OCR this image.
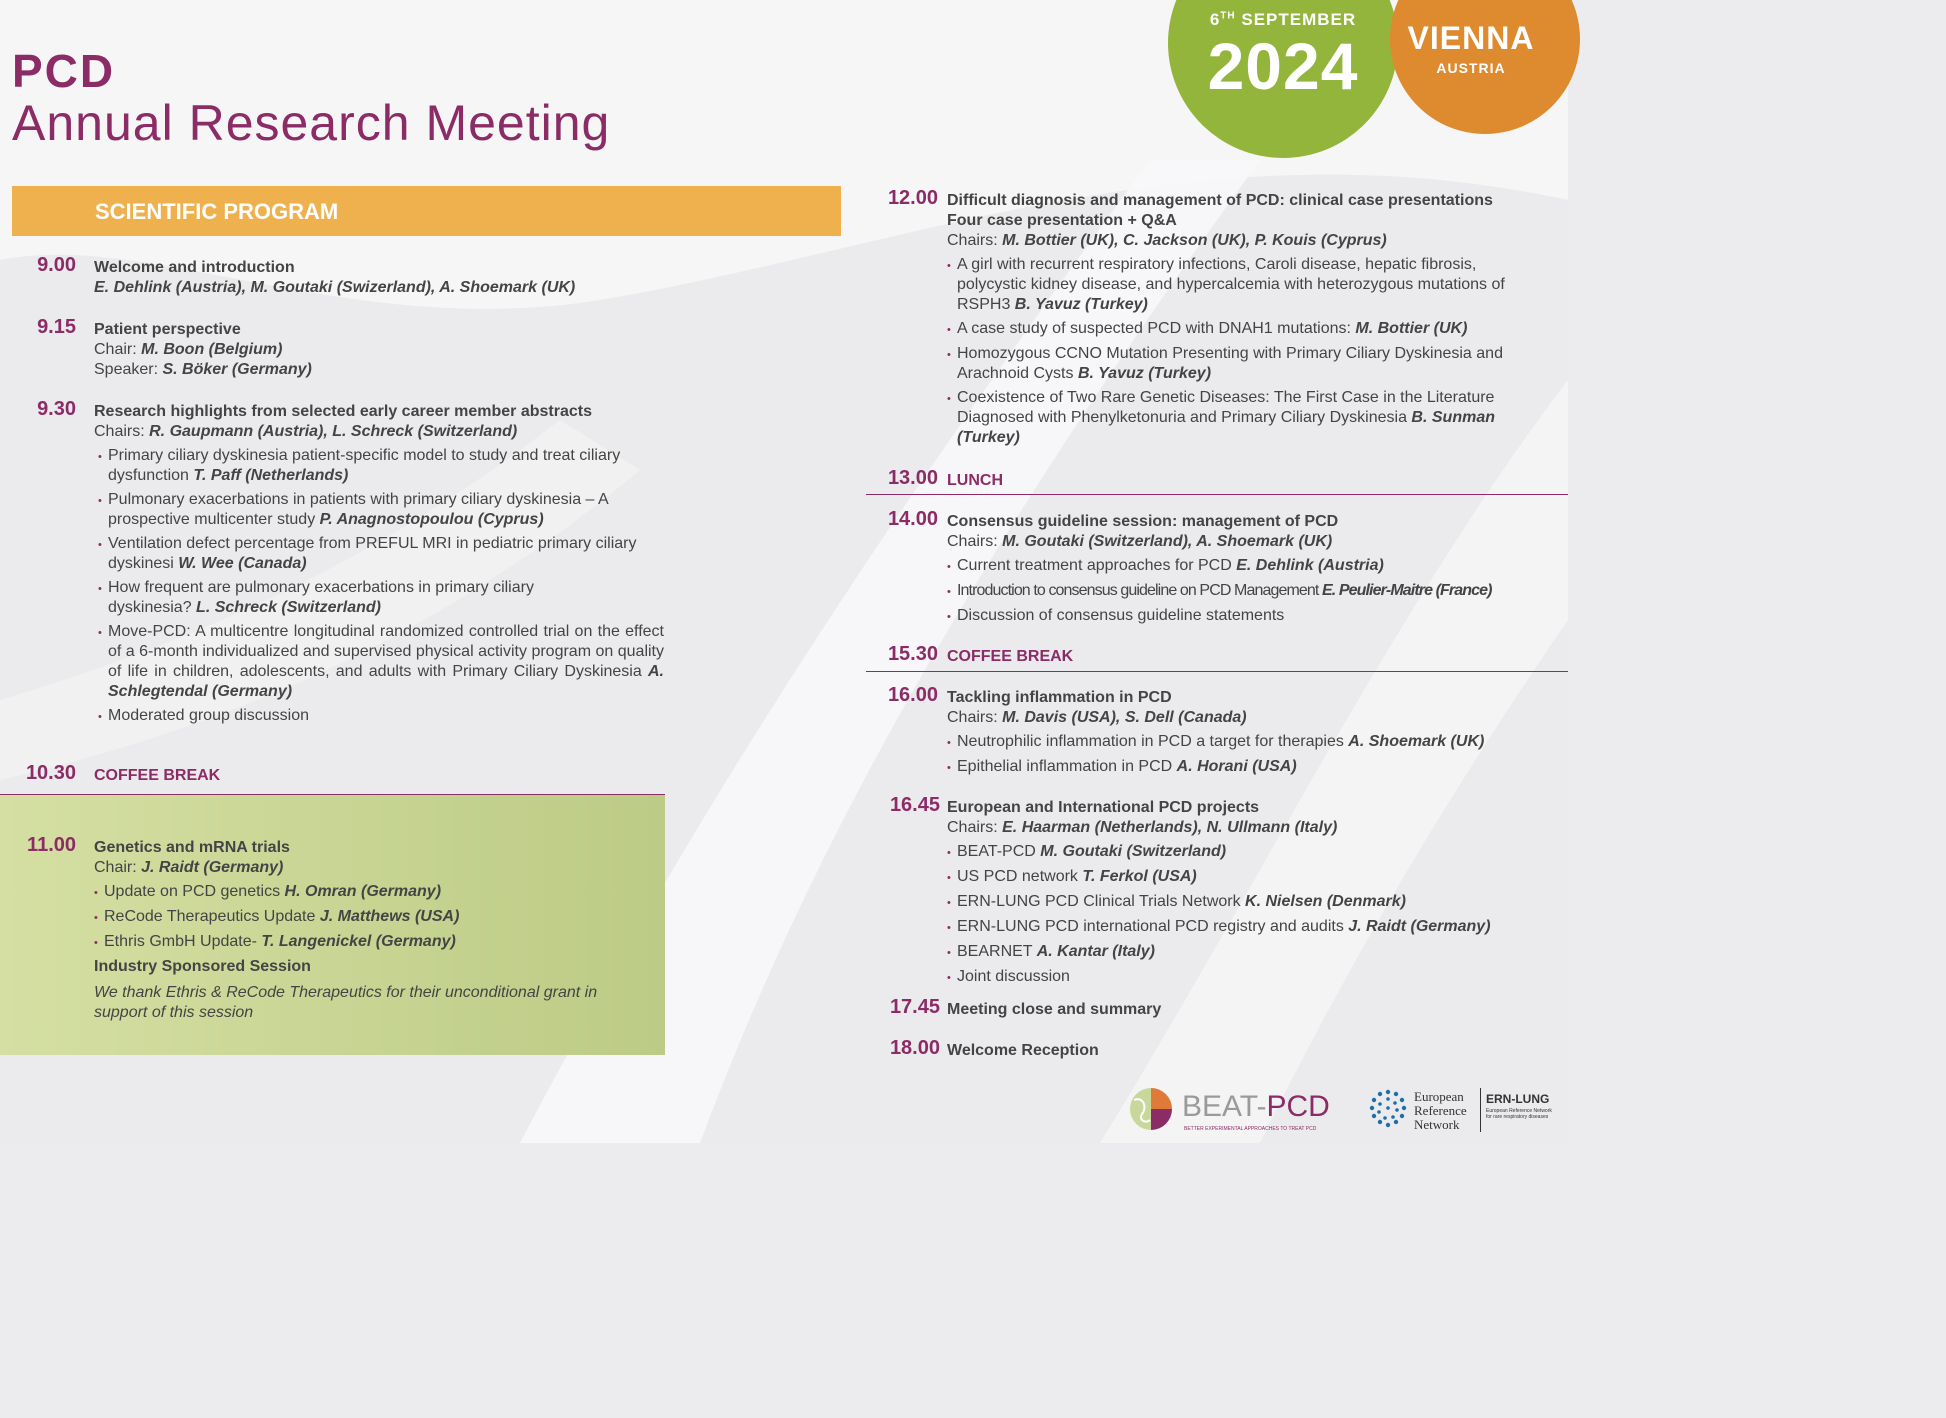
PCD
Annual Research Meeting
6TH SEPTEMBER
2024	VIENNA
AUSTRIA
SCIENTIFIC PROGRAM
9.00 Welcome and introduction
E. Dehlink (Austria), M. Goutaki (Swizerland), A. Shoemark (UK)
9.15 Patient perspective
Chair: M. Boon (Belgium)
Speaker: S. Böker (Germany)
9.30 Research highlights from selected early career member abstracts
Chairs: R. Gaupmann (Austria), L. Schreck (Switzerland)
• Primary ciliary dyskinesia patient-specific model to study and treat ciliary dysfunction T. Paff (Netherlands)
• Pulmonary exacerbations in patients with primary ciliary dyskinesia – A prospective multicenter study P. Anagnostopoulou (Cyprus)
• Ventilation defect percentage from PREFUL MRI in pediatric primary ciliary dyskinesi W. Wee (Canada)
• How frequent are pulmonary exacerbations in primary ciliary dyskinesia? L. Schreck (Switzerland)
• Move-PCD: A multicentre longitudinal randomized controlled trial on the effect of a 6-month individualized and supervised physical activity program on quality of life in children, adolescents, and adults with Primary Ciliary Dyskinesia A. Schlegtendal (Germany)
• Moderated group discussion
10.30 COFFEE BREAK
11.00 Genetics and mRNA trials
Chair: J. Raidt (Germany)
• Update on PCD genetics H. Omran (Germany)
• ReCode Therapeutics Update J. Matthews (USA)
• Ethris GmbH Update- T. Langenickel (Germany)
Industry Sponsored Session
We thank Ethris & ReCode Therapeutics for their unconditional grant in support of this session
12.00 Difficult diagnosis and management of PCD: clinical case presentations
Four case presentation + Q&A
Chairs: M. Bottier (UK), C. Jackson (UK), P. Kouis (Cyprus)
• A girl with recurrent respiratory infections, Caroli disease, hepatic fibrosis, polycystic kidney disease, and hypercalcemia with heterozygous mutations of RSPH3 B. Yavuz (Turkey)
• A case study of suspected PCD with DNAH1 mutations: M. Bottier (UK)
• Homozygous CCNO Mutation Presenting with Primary Ciliary Dyskinesia and Arachnoid Cysts B. Yavuz (Turkey)
• Coexistence of Two Rare Genetic Diseases: The First Case in the Literature Diagnosed with Phenylketonuria and Primary Ciliary Dyskinesia B. Sunman (Turkey)
13.00 LUNCH
14.00 Consensus guideline session: management of PCD
Chairs: M. Goutaki (Switzerland), A. Shoemark (UK)
• Current treatment approaches for PCD E. Dehlink (Austria)
• Introduction to consensus guideline on PCD Management E. Peulier-Maitre (France)
• Discussion of consensus guideline statements
15.30 COFFEE BREAK
16.00 Tackling inflammation in PCD
Chairs: M. Davis (USA), S. Dell (Canada)
• Neutrophilic inflammation in PCD a target for therapies A. Shoemark (UK)
• Epithelial inflammation in PCD A. Horani (USA)
16.45 European and International PCD projects
Chairs: E. Haarman (Netherlands), N. Ullmann (Italy)
• BEAT-PCD M. Goutaki (Switzerland)
• US PCD network T. Ferkol (USA)
• ERN-LUNG PCD Clinical Trials Network K. Nielsen (Denmark)
• ERN-LUNG PCD international PCD registry and audits J. Raidt (Germany)
• BEARNET A. Kantar (Italy)
• Joint discussion
17.45 Meeting close and summary
18.00 Welcome Reception
BEAT-PCD
BETTER EXPERIMENTAL APPROACHES TO TREAT PCD
European
Reference
Network
ERN-LUNG
European Reference Network
for rare respiratory diseases
